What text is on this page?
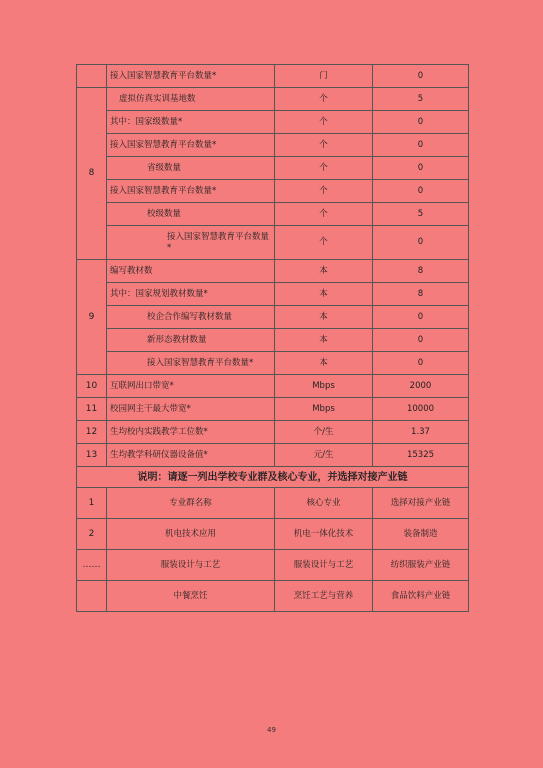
	接入国家智慧教育平台数量*	门	0
8	虚拟仿真实训基地数	个	5
	其中：国家级数量*	个	0
	接入国家智慧教育平台数量*	个	0
	省级数量	个	0
	接入国家智慧教育平台数量*	个	0
	校级数量	个	5
	接入国家智慧教育平台数量*	个	0
9	编写教材数	本	8
	其中：国家规划教材数量*	本	8
	校企合作编写教材数量	本	0
	新形态教材数量	本	0
	接入国家智慧教育平台数量*	本	0
10	互联网出口带宽*	Mbps	2000
11	校园网主干最大带宽*	Mbps	10000
12	生均校内实践教学工位数*	个/生	1.37
13	生均教学科研仪器设备值*	元/生	15325
说明：请逐一列出学校专业群及核心专业，并选择对接产业链			
1	专业群名称	核心专业	选择对接产业链
2	机电技术应用	机电一体化技术	装备制造
……	服装设计与工艺	服装设计与工艺	纺织服装产业链
	中餐烹饪	烹饪工艺与营养	食品饮料产业链
49
